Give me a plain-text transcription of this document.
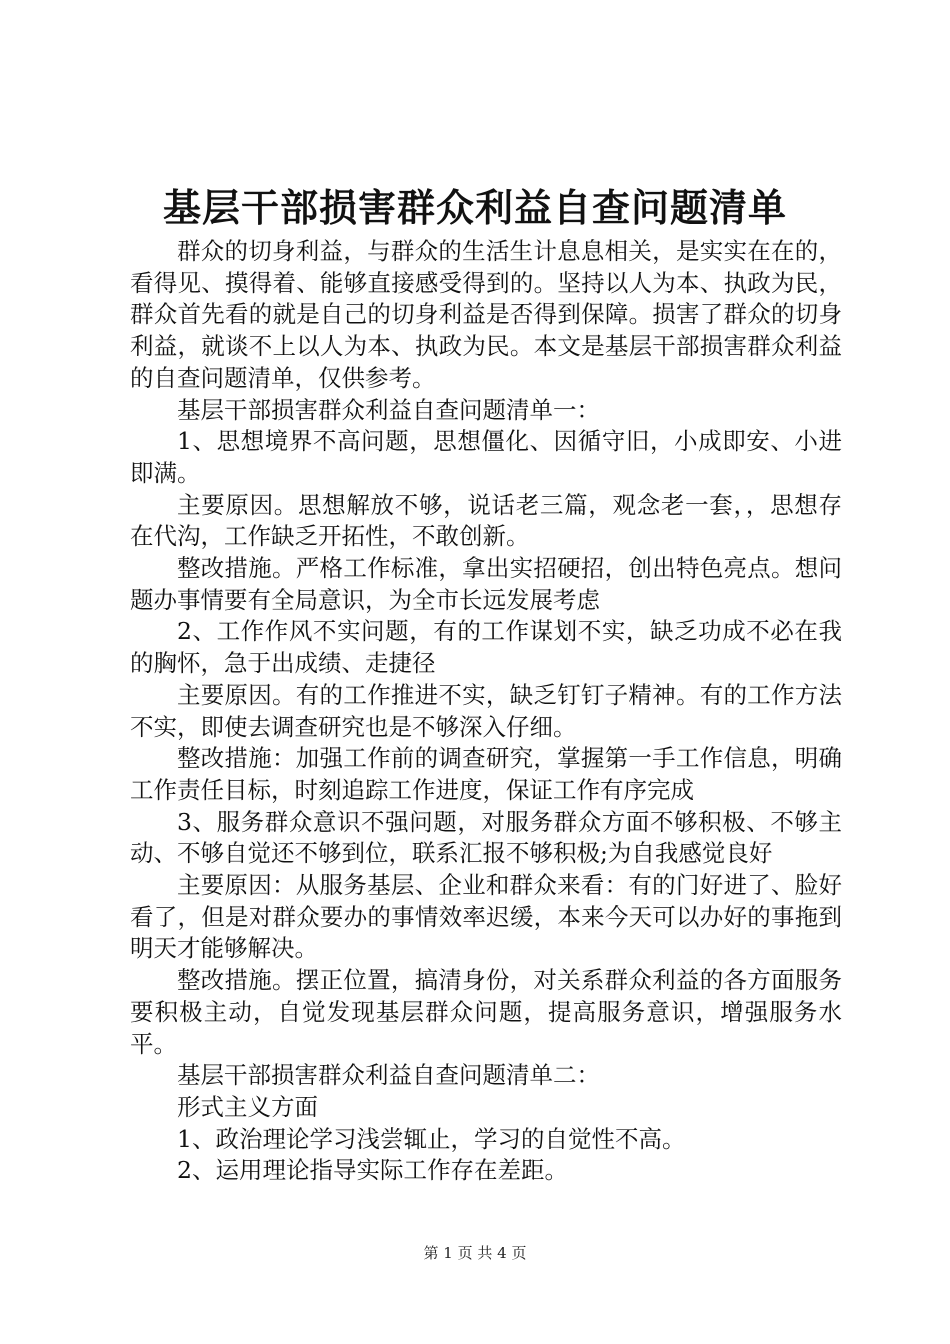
基层干部损害群众利益自查问题清单

群众的切身利益，与群众的生活生计息息相关，是实实在在的，看得见、摸得着、能够直接感受得到的。坚持以人为本、执政为民，群众首先看的就是自己的切身利益是否得到保障。损害了群众的切身利益，就谈不上以人为本、执政为民。本文是基层干部损害群众利益的自查问题清单，仅供参考。

基层干部损害群众利益自查问题清单一：

1、思想境界不高问题，思想僵化、因循守旧，小成即安、小进即满。

主要原因。思想解放不够，说话老三篇，观念老一套，，思想存在代沟，工作缺乏开拓性，不敢创新。

整改措施。严格工作标准，拿出实招硬招，创出特色亮点。想问题办事情要有全局意识，为全市长远发展考虑

2、工作作风不实问题，有的工作谋划不实，缺乏功成不必在我的胸怀，急于出成绩、走捷径

主要原因。有的工作推进不实，缺乏钉钉子精神。有的工作方法不实，即使去调查研究也是不够深入仔细。

整改措施：加强工作前的调查研究，掌握第一手工作信息，明确工作责任目标，时刻追踪工作进度，保证工作有序完成

3、服务群众意识不强问题，对服务群众方面不够积极、不够主动、不够自觉还不够到位，联系汇报不够积极;为自我感觉良好

主要原因：从服务基层、企业和群众来看：有的门好进了、脸好看了，但是对群众要办的事情效率迟缓，本来今天可以办好的事拖到明天才能够解决。

整改措施。摆正位置，搞清身份，对关系群众利益的各方面服务要积极主动，自觉发现基层群众问题，提高服务意识，增强服务水平。

基层干部损害群众利益自查问题清单二：

形式主义方面

1、政治理论学习浅尝辄止，学习的自觉性不高。

2、运用理论指导实际工作存在差距。

第 1 页 共 4 页
